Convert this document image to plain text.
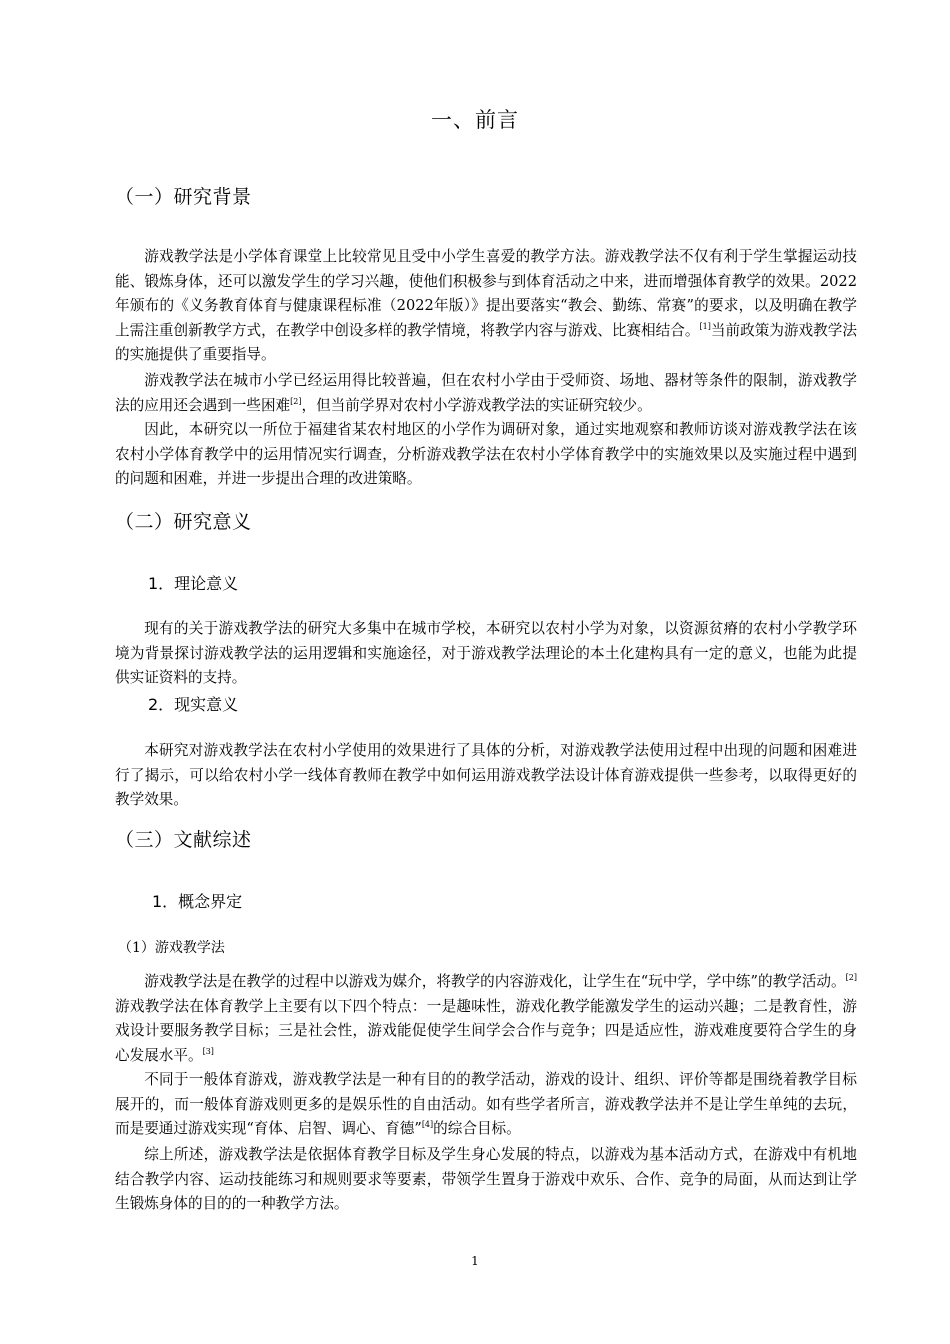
一、前言
（一）研究背景

游戏教学法是小学体育课堂上比较常见且受中小学生喜爱的教学方法。游戏教学法不仅有利于学生掌握运动技能、锻炼身体，还可以激发学生的学习兴趣，使他们积极参与到体育活动之中来，进而增强体育教学的效果。2022年颁布的《义务教育体育与健康课程标准（2022年版）》提出要落实“教会、勤练、常赛”的要求，以及明确在教学上需注重创新教学方式，在教学中创设多样的教学情境，将教学内容与游戏、比赛相结合。[1]当前政策为游戏教学法的实施提供了重要指导。

游戏教学法在城市小学已经运用得比较普遍，但在农村小学由于受师资、场地、器材等条件的限制，游戏教学法的应用还会遇到一些困难[2]，但当前学界对农村小学游戏教学法的实证研究较少。

因此，本研究以一所位于福建省某农村地区的小学作为调研对象，通过实地观察和教师访谈对游戏教学法在该农村小学体育教学中的运用情况实行调查，分析游戏教学法在农村小学体育教学中的实施效果以及实施过程中遇到的问题和困难，并进一步提出合理的改进策略。

（二）研究意义
1．理论意义

现有的关于游戏教学法的研究大多集中在城市学校，本研究以农村小学为对象，以资源贫瘠的农村小学教学环境为背景探讨游戏教学法的运用逻辑和实施途径，对于游戏教学法理论的本土化建构具有一定的意义，也能为此提供实证资料的支持。

2．现实意义

本研究对游戏教学法在农村小学使用的效果进行了具体的分析，对游戏教学法使用过程中出现的问题和困难进行了揭示，可以给农村小学一线体育教师在教学中如何运用游戏教学法设计体育游戏提供一些参考，以取得更好的教学效果。

（三）文献综述
1．概念界定
（1）游戏教学法

游戏教学法是在教学的过程中以游戏为媒介，将教学的内容游戏化，让学生在“玩中学，学中练”的教学活动。[2]游戏教学法在体育教学上主要有以下四个特点：一是趣味性，游戏化教学能激发学生的运动兴趣；二是教育性，游戏设计要服务教学目标；三是社会性，游戏能促使学生间学会合作与竞争；四是适应性，游戏难度要符合学生的身心发展水平。[3]

不同于一般体育游戏，游戏教学法是一种有目的的教学活动，游戏的设计、组织、评价等都是围绕着教学目标展开的，而一般体育游戏则更多的是娱乐性的自由活动。如有些学者所言，游戏教学法并不是让学生单纯的去玩，而是要通过游戏实现“育体、启智、调心、育德”[4]的综合目标。

综上所述，游戏教学法是依据体育教学目标及学生身心发展的特点，以游戏为基本活动方式，在游戏中有机地结合教学内容、运动技能练习和规则要求等要素，带领学生置身于游戏中欢乐、合作、竞争的局面，从而达到让学生锻炼身体的目的的一种教学方法。

1
